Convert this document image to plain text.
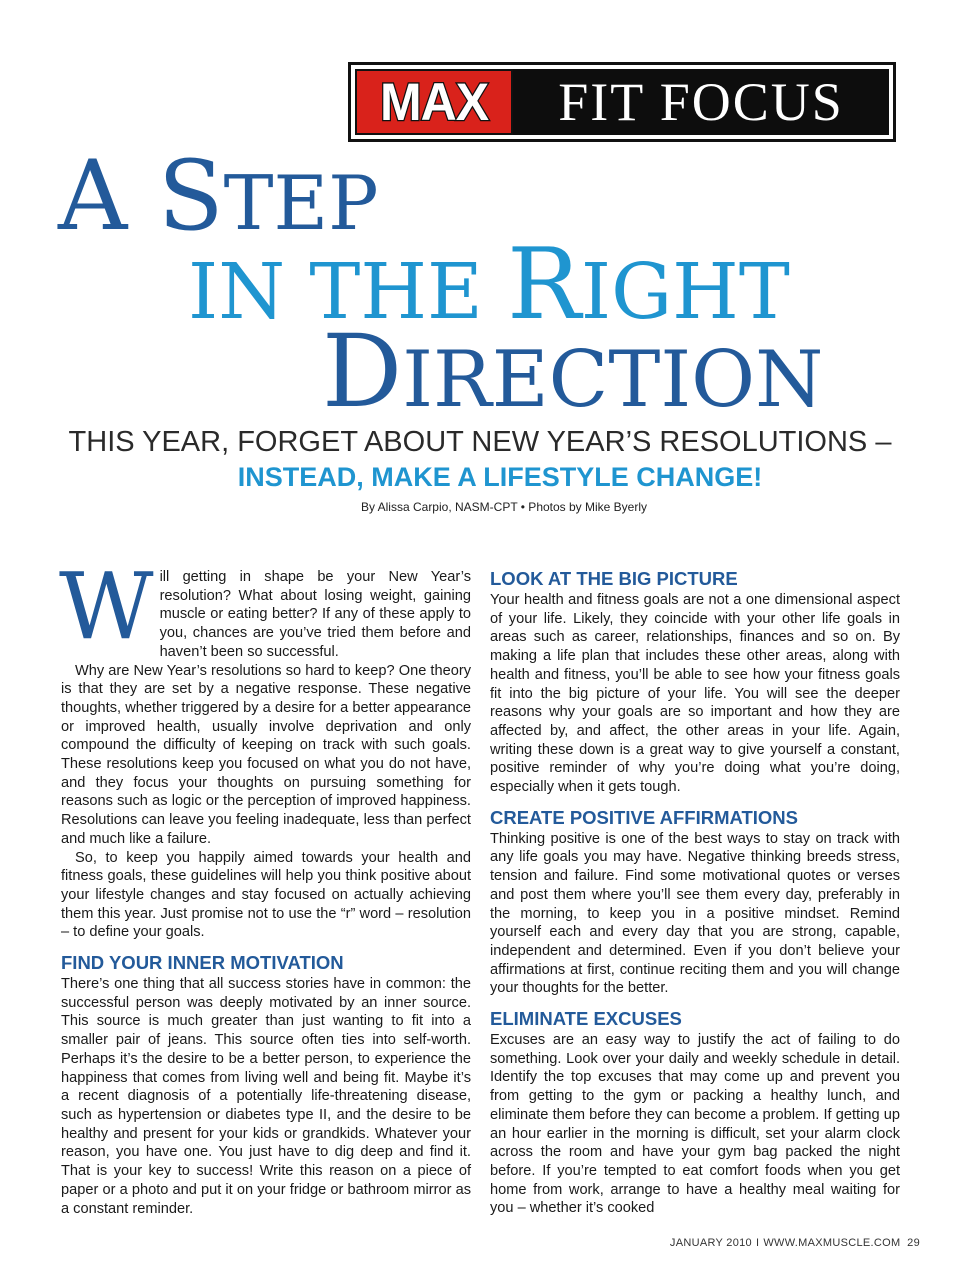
MAX FIT FOCUS
A STEP
IN THE RIGHT
DIRECTION
THIS YEAR, FORGET ABOUT NEW YEAR’S RESOLUTIONS –
INSTEAD, MAKE A LIFESTYLE CHANGE!
By Alissa Carpio, NASM-CPT • Photos by Mike Byerly

Will getting in shape be your New Year’s resolution? What about losing weight, gaining muscle or eating better? If any of these apply to you, chances are you’ve tried them before and haven’t been so successful.

Why are New Year’s resolutions so hard to keep? One theory is that they are set by a negative response. These negative thoughts, whether triggered by a desire for a better appearance or improved health, usually involve deprivation and only compound the difficulty of keeping on track with such goals. These resolutions keep you focused on what you do not have, and they focus your thoughts on pursuing something for reasons such as logic or the perception of improved happiness. Resolutions can leave you feeling inadequate, less than perfect and much like a failure.

So, to keep you happily aimed towards your health and fitness goals, these guidelines will help you think positive about your lifestyle changes and stay focused on actually achieving them this year. Just promise not to use the “r” word – resolution – to define your goals.

FIND YOUR INNER MOTIVATION

There’s one thing that all success stories have in common: the successful person was deeply motivated by an inner source. This source is much greater than just wanting to fit into a smaller pair of jeans. This source often ties into self-worth. Perhaps it’s the desire to be a better person, to experience the happiness that comes from living well and being fit. Maybe it’s a recent diagnosis of a potentially life-threatening disease, such as hypertension or diabetes type II, and the desire to be healthy and present for your kids or grandkids. Whatever your reason, you have one. You just have to dig deep and find it. That is your key to success! Write this reason on a piece of paper or a photo and put it on your fridge or bathroom mirror as a constant reminder.

LOOK AT THE BIG PICTURE

Your health and fitness goals are not a one dimensional aspect of your life. Likely, they coincide with your other life goals in areas such as career, relationships, finances and so on. By making a life plan that includes these other areas, along with health and fitness, you’ll be able to see how your fitness goals fit into the big picture of your life. You will see the deeper reasons why your goals are so important and how they are affected by, and affect, the other areas in your life. Again, writing these down is a great way to give yourself a constant, positive reminder of why you’re doing what you’re doing, especially when it gets tough.

CREATE POSITIVE AFFIRMATIONS

Thinking positive is one of the best ways to stay on track with any life goals you may have. Negative thinking breeds stress, tension and failure. Find some motivational quotes or verses and post them where you’ll see them every day, preferably in the morning, to keep you in a positive mindset. Remind yourself each and every day that you are strong, capable, independent and determined. Even if you don’t believe your affirmations at first, continue reciting them and you will change your thoughts for the better.

ELIMINATE EXCUSES

Excuses are an easy way to justify the act of failing to do something. Look over your daily and weekly schedule in detail. Identify the top excuses that may come up and prevent you from getting to the gym or packing a healthy lunch, and eliminate them before they can become a problem. If getting up an hour earlier in the morning is difficult, set your alarm clock across the room and have your gym bag packed the night before. If you’re tempted to eat comfort foods when you get home from work, arrange to have a healthy meal waiting for you – whether it’s cooked

JANUARY 2010 I WWW.MAXMUSCLE.COM 29
